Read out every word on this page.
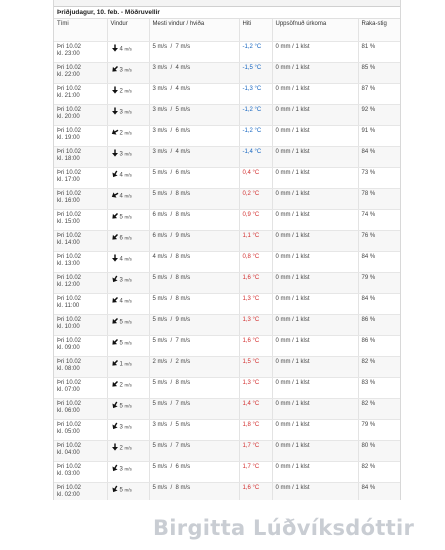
Þriðjudagur, 10. feb. - Möðruvellir
Tími	Vindur	Mesti vindur / hviða	Hiti	Uppsöfnuð úrkoma	Raka-stig

Þri 10.02
kl. 23:00	4 m/s	5 m/s  /  7 m/s	-1,2 °C	0 mm / 1 klst	81 %

Þri 10.02
kl. 22:00	3 m/s	3 m/s  /  4 m/s	-1,5 °C	0 mm / 1 klst	85 %

Þri 10.02
kl. 21:00	2 m/s	3 m/s  /  4 m/s	-1,3 °C	0 mm / 1 klst	87 %

Þri 10.02
kl. 20:00	3 m/s	3 m/s  /  5 m/s	-1,2 °C	0 mm / 1 klst	92 %

Þri 10.02
kl. 19:00	2 m/s	3 m/s  /  6 m/s	-1,2 °C	0 mm / 1 klst	91 %

Þri 10.02
kl. 18:00	3 m/s	3 m/s  /  4 m/s	-1,4 °C	0 mm / 1 klst	84 %

Þri 10.02
kl. 17:00	4 m/s	5 m/s  /  6 m/s	0,4 °C	0 mm / 1 klst	73 %

Þri 10.02
kl. 16:00	4 m/s	5 m/s  /  8 m/s	0,2 °C	0 mm / 1 klst	78 %

Þri 10.02
kl. 15:00	5 m/s	6 m/s  /  8 m/s	0,9 °C	0 mm / 1 klst	74 %

Þri 10.02
kl. 14:00	6 m/s	6 m/s  /  9 m/s	1,1 °C	0 mm / 1 klst	76 %

Þri 10.02
kl. 13:00	4 m/s	4 m/s  /  8 m/s	0,8 °C	0 mm / 1 klst	84 %

Þri 10.02
kl. 12:00	3 m/s	5 m/s  /  8 m/s	1,6 °C	0 mm / 1 klst	79 %

Þri 10.02
kl. 11:00	4 m/s	5 m/s  /  8 m/s	1,3 °C	0 mm / 1 klst	84 %

Þri 10.02
kl. 10:00	5 m/s	5 m/s  /  9 m/s	1,3 °C	0 mm / 1 klst	86 %

Þri 10.02
kl. 09:00	5 m/s	5 m/s  /  7 m/s	1,6 °C	0 mm / 1 klst	86 %

Þri 10.02
kl. 08:00	1 m/s	2 m/s  /  2 m/s	1,5 °C	0 mm / 1 klst	82 %

Þri 10.02
kl. 07:00	2 m/s	5 m/s  /  8 m/s	1,3 °C	0 mm / 1 klst	83 %

Þri 10.02
kl. 06:00	5 m/s	5 m/s  /  7 m/s	1,4 °C	0 mm / 1 klst	82 %

Þri 10.02
kl. 05:00	3 m/s	3 m/s  /  5 m/s	1,8 °C	0 mm / 1 klst	79 %

Þri 10.02
kl. 04:00	2 m/s	5 m/s  /  7 m/s	1,7 °C	0 mm / 1 klst	80 %

Þri 10.02
kl. 03:00	3 m/s	5 m/s  /  6 m/s	1,7 °C	0 mm / 1 klst	82 %

Þri 10.02
kl. 02:00	5 m/s	5 m/s  /  8 m/s	1,6 °C	0 mm / 1 klst	84 %

Birgitta Lúðvíksdóttir
